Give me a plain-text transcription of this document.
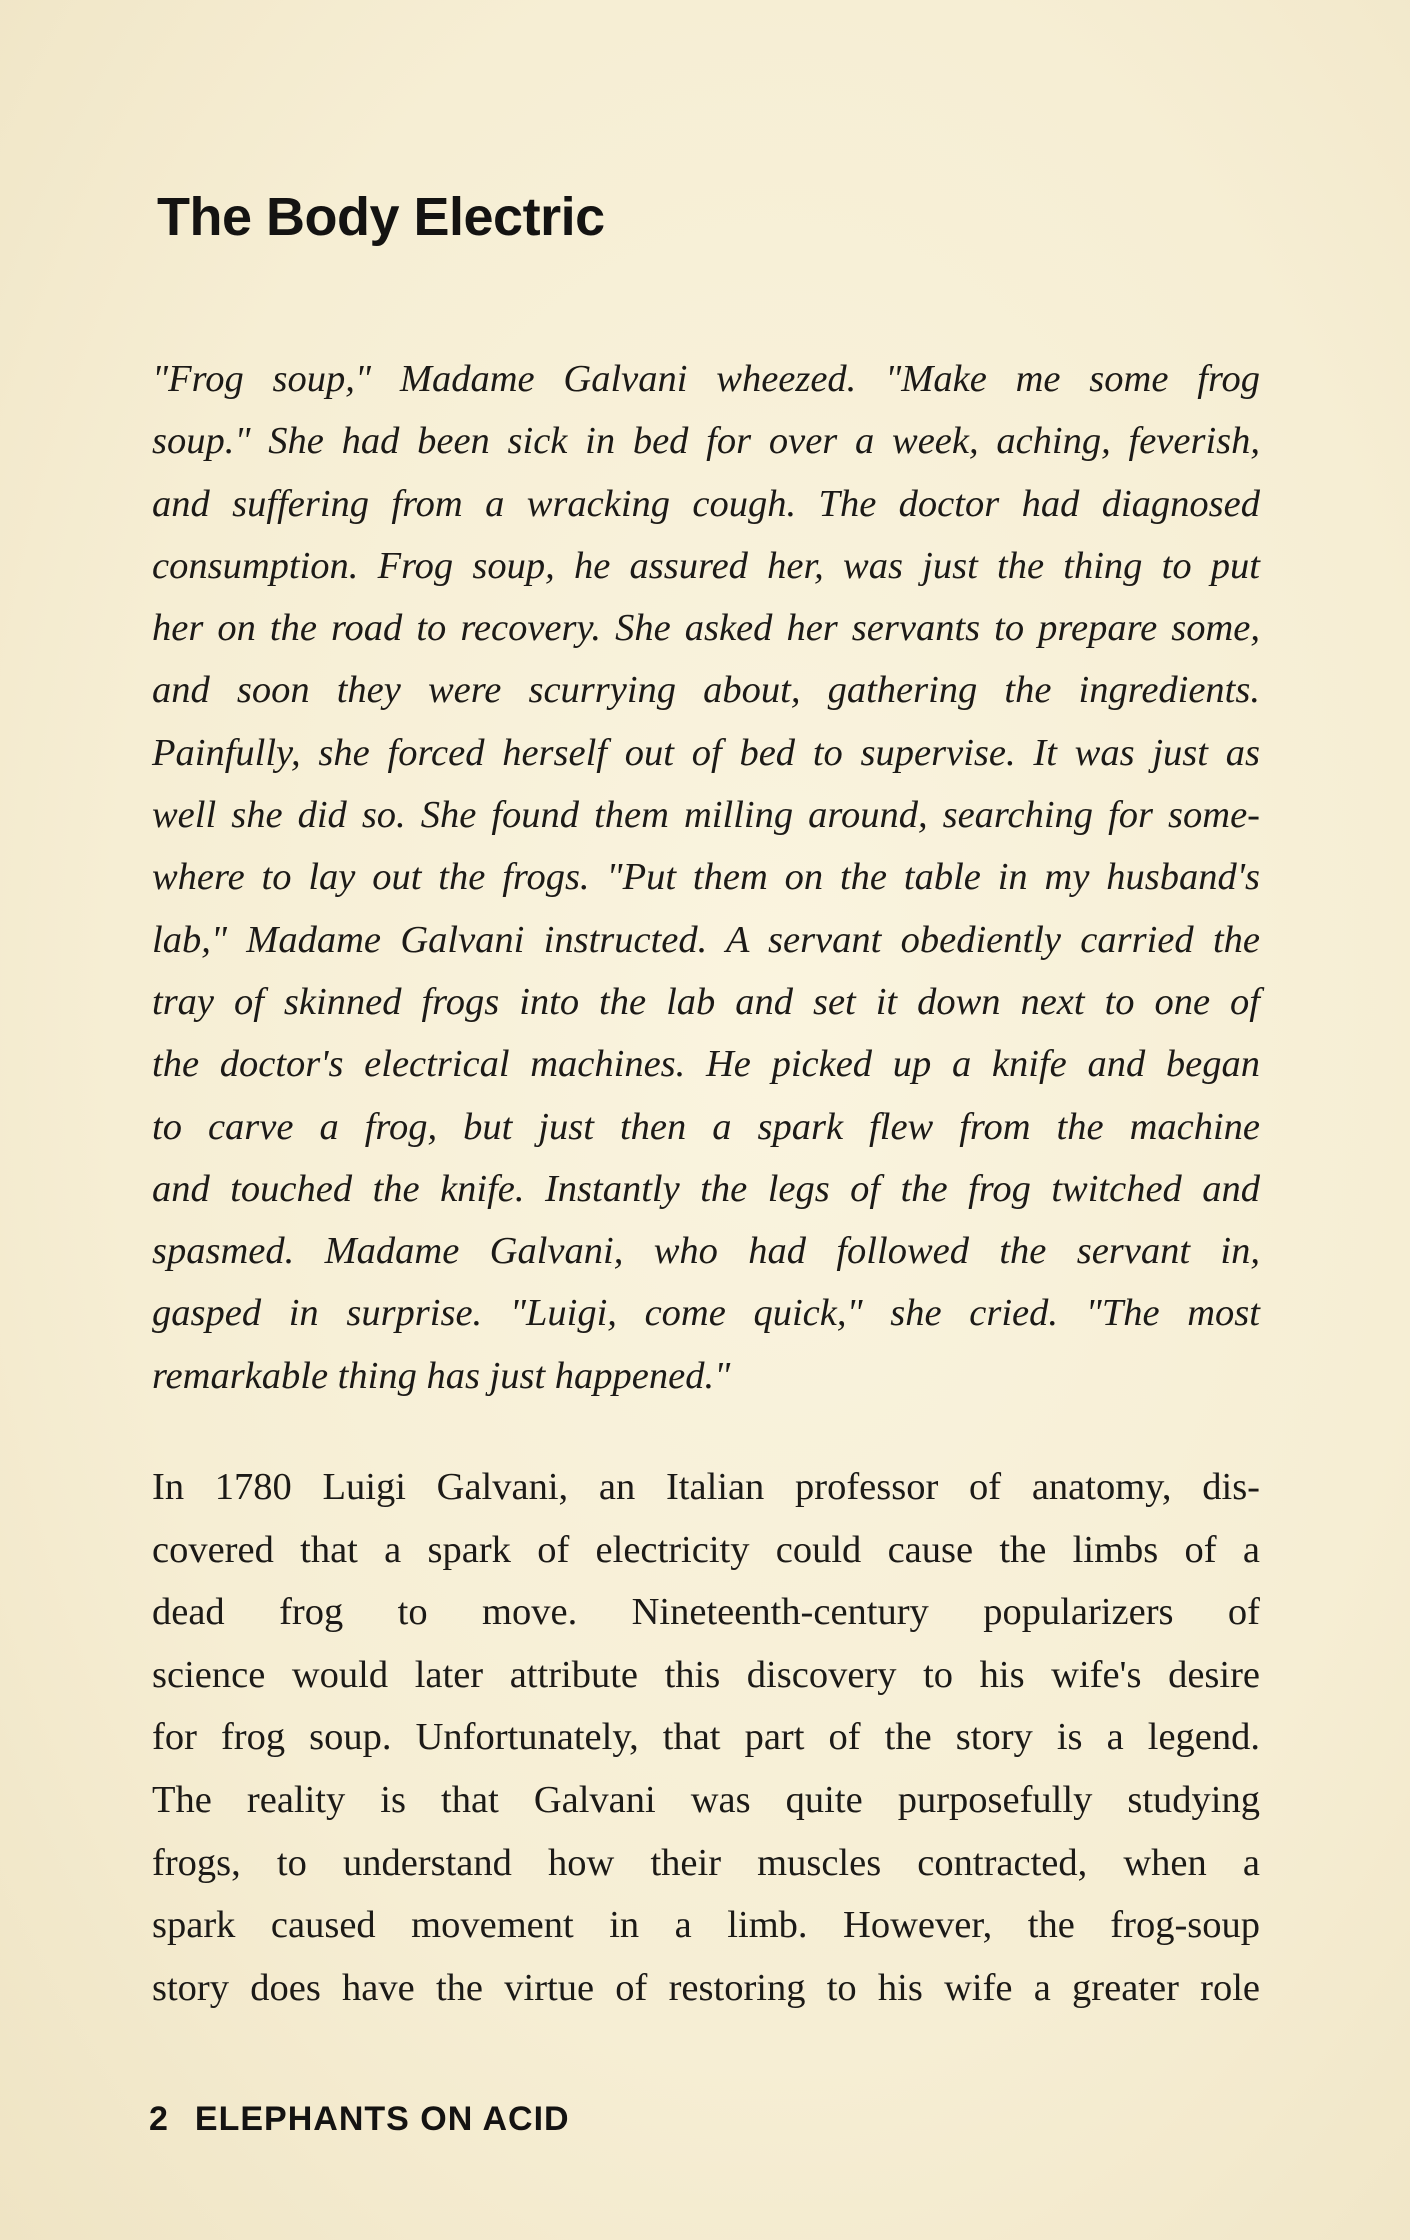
The Body Electric

"Frog soup," Madame Galvani wheezed. "Make me some frog
soup." She had been sick in bed for over a week, aching, feverish,
and suffering from a wracking cough. The doctor had diagnosed
consumption. Frog soup, he assured her, was just the thing to put
her on the road to recovery. She asked her servants to prepare some,
and soon they were scurrying about, gathering the ingredients.
Painfully, she forced herself out of bed to supervise. It was just as
well she did so. She found them milling around, searching for some-
where to lay out the frogs. "Put them on the table in my husband's
lab," Madame Galvani instructed. A servant obediently carried the
tray of skinned frogs into the lab and set it down next to one of
the doctor's electrical machines. He picked up a knife and began
to carve a frog, but just then a spark flew from the machine
and touched the knife. Instantly the legs of the frog twitched and
spasmed. Madame Galvani, who had followed the servant in,
gasped in surprise. "Luigi, come quick," she cried. "The most
remarkable thing has just happened."

In 1780 Luigi Galvani, an Italian professor of anatomy, dis-
covered that a spark of electricity could cause the limbs of a
dead frog to move. Nineteenth-century popularizers of
science would later attribute this discovery to his wife's desire
for frog soup. Unfortunately, that part of the story is a legend.
The reality is that Galvani was quite purposefully studying
frogs, to understand how their muscles contracted, when a
spark caused movement in a limb. However, the frog-soup
story does have the virtue of restoring to his wife a greater role

2 ELEPHANTS ON ACID
